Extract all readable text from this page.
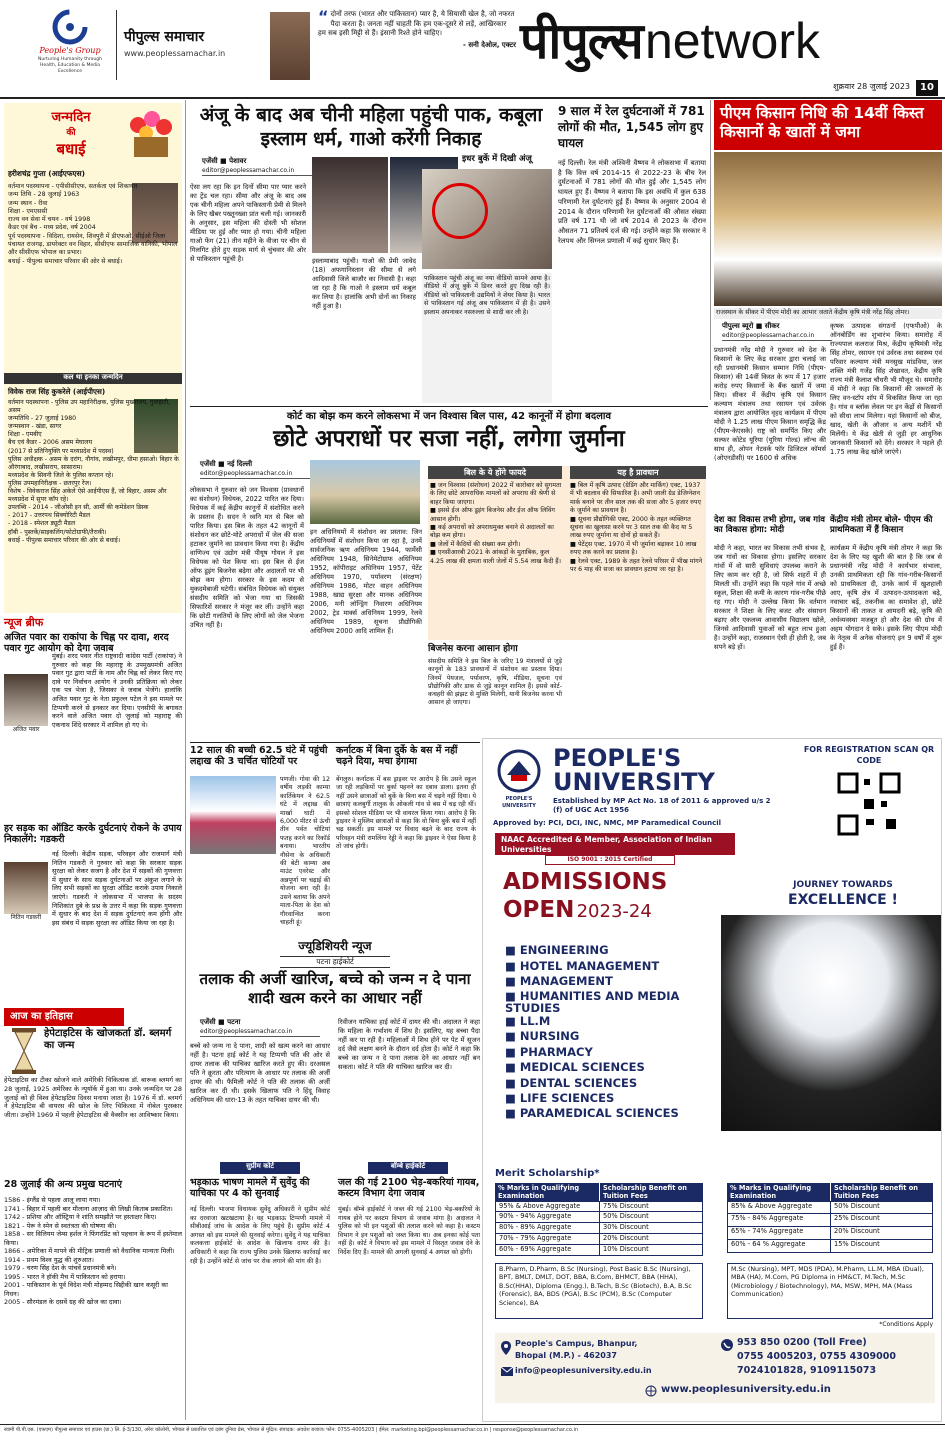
People's Group
Nurturing Humanity through Health, Education & Media Excellence
पीपुल्स समाचार
www.peoplessamachar.in
“ दोनों तरफ (भारत और पाकिस्तान) प्यार है, ये सियासी खेल है, जो नफरत पैदा करता है। जनता नहीं चाहती कि हम एक-दूसरे से लड़ें, आखिरकार हम सब इसी मिट्टी से हैं। इंसानी रिश्ते होने चाहिए।
- सनी देओल, एक्टर पीपुल्स network
शुक्रवार 28 जुलाई 2023	10
जन्मदिन
की
बधाई
हरीशचंद्र गुप्ता (आईएफएस)
वर्तमान पदस्थापना - एपीसीसीएफ, सतर्कता एवं शिकायत
जन्म तिथि - 28 जुलाई 1963
जन्म स्थान - रीवा
शिक्षा - एमएससी
राज्य वन सेवा में चयन - वर्ष 1998
कैडर एवं बैच - मध्य प्रदेश, वर्ष 2004
पूर्व पदस्थापना - विदिशा, रायसेन, शिवपुरी में डीएफओ, सीईओ जिला पंचायत राजगढ़, डायरेक्टर वन विहार, सीसीएफ सामाजिक वानिकी, भोपाल और सीसीएफ भोपाल का प्रभार।
बधाई - पीपुल्स समाचार परिवार की ओर से बधाई।
कल था इनका जन्मदिन
विवेक राज सिंह कुकरेले (आईपीएस)
वर्तमान पदस्थापना - पुलिस उप महानिरीक्षक, पुलिस मुख्यालय, गुवाहाटी, असम
जन्मतिथि - 27 जुलाई 1980
जन्मस्थान - खंडा, सागर
शिक्षा - एमबीए
बैच एवं कैडर - 2006 असम मेघालय
(2017 से प्रतिनियुक्ति पर मध्यप्रदेश में पदस्थ)
पुलिस अधीक्षक - असम के दरांग, नौगांव, लखीमपुर, धीमा हसाओ। बिहार के औरंगाबाद, लखीसराय, सासाराम।
मध्यप्रदेश के सिवनी जिले के पुलिस कप्तान रहे।
पुलिस उपमहानिरीक्षक - छतरपुर रेंज।
विशेष - विवेकराज सिंह अकेले ऐसे आईपीएस हैं, जो बिहार, असम और मध्यप्रदेश में सुपर कॉप रहे।
उपलब्धि - 2014 - जीओसी इन सी, आर्मी की कमेडेशन डिस्क
- 2017 - उत्तरपथ सिक्योरिटी मैडल
- 2018 - स्पेशल ड्यूटी मैडल
हॉबी - पुस्तकें/साइकलिंग/फोटोग्राफी/तैराकी।
बधाई - पीपुल्स समाचार परिवार की ओर से बधाई।
न्यूज ब्रीफ
अजित पवार का राकांपा के चिह्न पर दावा, शरद पवार गुट आयोग को देगा जवाब
अजित पवार
मुंबई। शरद पवार नीत राष्ट्रवादी कांग्रेस पार्टी (राकांपा) ने गुरुवार को कहा कि महाराष्ट्र के उपमुख्यमंत्री अजित पवार गुट द्वारा पार्टी के नाम और चिह्न को लेकर किए गए दावे पर निर्वाचन आयोग ने उनकी प्रतिक्रिया को लेकर एक पत्र भेजा है, जिसका वे जवाब भेजेंगे। हालांकि अजित पवार गुट के नेता प्रफुल्ल पटेल ने इस मामले पर टिप्पणी करने से इनकार कर दिया। एनसीपी के बगावत करने वाले अजित पवार दो जुलाई को महाराष्ट्र की एकनाथ शिंदे सरकार में शामिल हो गए थे।
हर सड़क का ऑडिट करके दुर्घटनाएं रोकने के उपाय निकालेंगे: गडकरी
नितिन गडकरी
नई दिल्ली। केंद्रीय सड़क, परिवहन और राजमार्ग मंत्री नितिन गडकरी ने गुरुवार को कहा कि सरकार सड़क सुरक्षा को लेकर सजग है और देश में सड़कों की गुणवत्ता में सुधार के साथ सड़क दुर्घटनाओं पर अंकुश लगाने के लिए सभी सड़कों का सुरक्षा ऑडिट कराके उपाय निकाले जाएंगे। गडकरी ने लोकसभा में भाजपा के सदस्य निशिकांत दुबे के प्रश्न के उत्तर में कहा कि सड़क गुणवत्ता में सुधार के बाद देश में सड़क दुर्घटनाएं कम होंगी और इस संबंध में सड़क सुरक्षा का ऑडिट किया जा रहा है।
आज का इतिहास
हेपेटाइटिस के खोजकर्ता डॉ. ब्लमर्ग का जन्म
हेपेटाइटिस का टीका खोजने वाले अमेरिकी चिकित्सक डॉ. बारूक ब्लमर्ग का 28 जुलाई, 1925 अमेरिका के न्यूयॉर्क में हुआ था। उनके जन्मदिन पर 28 जुलाई को ही विश्व हेपेटाइटिस दिवस मनाया जाता है। 1976 में डॉ. ब्लमर्ग ने हेपेटाइटिस बी वायरस की खोज के लिए चिकित्सा में नोबेल पुरस्कार जीता। उन्होंने 1969 में पहली हेपेटाइटिस बी वैक्सीन का आविष्कार किया।
28 जुलाई की अन्य प्रमुख घटनाएं
1586 - इंग्लैंड से पहला आलू लाया गया।
1741 - बिहार में पहली बार मौलाना आज़ाद की लिखी किताब प्रकाशित।
1742 - प्रशिया और ऑस्ट्रिया ने शांति समझौते पर हस्ताक्षर किए।
1821 - पेरू ने स्पेन से स्वतंत्रता की घोषणा की।
1858 - सर विलियम जेम्स हर्शल ने फिंगरप्रिंट को पहचान के रूप में इस्तेमाल किया।
1866 - अमेरिका में मापने की मीट्रिक प्रणाली को वैधानिक मान्यता मिली।
1914 - प्रथम विश्व युद्ध की शुरुआत।
1979 - चरण सिंह देश के पांचवें प्रधानमंत्री बने।
1995 - भारत ने हॉकी मैच में पाकिस्तान को हराया।
2001 - पाकिस्तान के पूर्व विदेश मंत्री मोहम्मद सिद्दीकी खान कसूरी का निधन।
2005 - सौरमंडल के दसवें ग्रह की खोज का दावा।
अंजू के बाद अब चीनी महिला पहुंची पाक, कबूला इस्लाम धर्म, गाओ करेंगी निकाह
एजेंसी ■ पेशावर
editor@peoplessamachar.co.in
ऐसा लग रहा कि इन दिनों सीमा पार प्यार करने का ट्रेंड चल रहा। सीमा और अंजू के बाद अब एक चीनी महिला अपने पाकिस्तानी प्रेमी से मिलने के लिए खैबर पख्तूनख्वा प्रांत चली गई। जानकारी के अनुसार, इस महिला की दोस्ती भी सोशल मीडिया पर हुई और प्यार हो गया। चीनी महिला गाओ फेंग (21) तीन महीने के वीजा पर चीन से गिलगिट होते हुए सड़क मार्ग से चुंचवार की ओर से पाकिस्तान पहुंची है।	इस्लामाबाद पहुंची। गाओ की प्रेमी जावेद (18) अफगानिस्तान की सीमा से लगे आदिवासी जिले बाजौर का निवासी है। कहा जा रहा है कि गाओ ने इस्लाम धर्म कबूल कर लिया है। हालांकि अभी दोनों का निकाह नहीं हुआ है।
इधर बुर्के में दिखी अंजू
पाकिस्तान पहुंची अंजू का नया वीडियो सामने आया है। वीडियो में अंजू बुर्के में डिनर करते हुए दिख रही है। वीडियो को पाकिस्तानी उद्यमियों ने शेयर किया है। भारत से पाकिस्तान गई अंजू अब पाकिस्तान में ही है। उसने इस्लाम अपनाकर नसरुल्ला से शादी कर ली है।
9 साल में रेल दुर्घटनाओं में 781 लोगों की मौत, 1,545 लोग हुए घायल
नई दिल्ली। रेल मंत्री अश्विनी वैष्णव ने लोकसभा में बताया है कि वित्त वर्ष 2014-15 से 2022-23 के बीच रेल दुर्घटनाओं में 781 लोगों की मौत हुई और 1,545 लोग घायल हुए हैं। वैष्णव ने बताया कि इस अवधि में कुल 638 परिणामी रेल दुर्घटनाएं हुई हैं। वैष्णव के अनुसार 2004 से 2014 के दौरान परिणामी रेल दुर्घटनाओं की औसत संख्या प्रति वर्ष 171 थी जो वर्ष 2014 से 2023 के दौरान औसतन 71 प्रतिवर्ष दर्ज की गई। उन्होंने कहा कि सरकार ने रेलपथ और सिग्नल प्रणाली में कई सुधार किए हैं।
पीएम किसान निधि की 14वीं किस्त किसानों के खातों में जमा
राजस्थान के सीकर में पीएम मोदी का आभार जताते केंद्रीय कृषि मंत्री नरेंद्र सिंह तोमर।
पीपुल्स ब्यूरो ■ सीकर
editor@peoplessamachar.co.in
प्रधानमंत्री नरेंद्र मोदी ने गुरुवार को देश के किसानों के लिए केंद्र सरकार द्वारा चलाई जा रही प्रधानमंत्री किसान सम्मान निधि (पीएम-किसान) की 14वीं किस्त के रूप में 17 हजार करोड़ रुपए किसानों के बैंक खातों में जमा किए। सीकर में केंद्रीय कृषि एवं किसान कल्याण मंत्रालय तथा रसायन एवं उर्वरक मंत्रालय द्वारा आयोजित वृहद कार्यक्रम में पीएम मोदी ने 1.25 लाख पीएम किसान समृद्धि केंद्र (पीएम-केएसके) राष्ट्र को समर्पित किए और सल्फर कोटेड यूरिया (यूरिया गोल्ड) लॉन्च की साथ ही, ओपन नेटवर्क फॉर डिजिटल कॉमर्स (ओएनडीसी) पर 1600 से अधिक
कृषक उत्पादक संगठनों (एफपीओ) के ऑनबोर्डिंग का शुभारंभ किया। समारोह में राज्यपाल कलराज मिश्र, केंद्रीय कृषिमंत्री नरेंद्र सिंह तोमर, रसायन एवं उर्वरक तथा स्वास्थ्य एवं परिवार कल्याण मंत्री मनसुख मांडविया, जल शक्ति मंत्री गजेंद्र सिंह शेखावत, केंद्रीय कृषि राज्य मंत्री कैलाश चौधरी भी मौजूद थे। समारोह में मोदी ने कहा कि किसानों की जरूरतों के लिए वन-स्टॉप शॉप में विकसित किया जा रहा है। गांव व ब्लॉक लेवल पर इन केंद्रों से किसानों को सीधा लाभ मिलेगा। यहां किसानों को बीज, खाद, खेती के औजार व अन्य मशीनें भी मिलेंगी। ये केंद्र खेती से जुड़ी हर आधुनिक जानकारी किसानों को देंगे। सरकार ने पहले ही 1.75 लाख केंद्र खोले जाएंगे।
देश का विकास तभी होगा, जब गांव का विकास होगा: मोदी
मोदी ने कहा, भारत का विकास तभी संभव है, जब गांवों का विकास होगा। इसलिए सरकार गांवों में वो सारी सुविधाएं उपलब्ध कराने के लिए काम कर रही है, जो सिर्फ शहरों में ही मिलती थीं। उन्होंने कहा कि पहले गांव में अच्छे स्कूल, शिक्षा की कमी के कारण गांव-गरीब पीछे रह गए। मोदी ने उल्लेख किया कि वर्तमान सरकार ने शिक्षा के लिए बजट और संसाधन बढ़ाए और एकलव्य आवासीय विद्यालय खोले, जिनसे आदिवासी युवाओं को बहुत लाभ हुआ है। उन्होंने कहा, राजस्थान ऐसी ही होती है, जब सपने बड़े हों।
केंद्रीय मंत्री तोमर बोले- पीएम की प्राथमिकता में हैं किसान
कार्यक्रम में केंद्रीय कृषि मंत्री तोमर ने कहा कि देश के लिए यह खुशी की बात है कि जब से प्रधानमंत्री नरेंद्र मोदी ने कार्यभार संभाला, उनकी प्राथमिकता रही कि गांव-गरीब-किसानों को प्राथमिकता दी, उनके कार्य में खुशहाली आए, कृषि क्षेत्र में उत्पादन-उत्पादकता बढ़े, नवाचार बढ़ें, तकनीक का समावेश हो, छोटे किसानों की ताकत व आमदनी बढ़े, कृषि की अर्थव्यवस्था मजबूत हो और देश की ग्रोथ में अहम योगदान दे सके। इसके लिए पीएम मोदी के नेतृत्व में अनेक योजनाएं इन 9 वर्षों में शुरू हुई हैं।
कोर्ट का बोझ कम करने लोकसभा में जन विश्वास बिल पास, 42 कानूनों में होगा बदलाव
छोटे अपराधों पर सजा नहीं, लगेगा जुर्माना
एजेंसी ■ नई दिल्ली
editor@peoplessamachar.co.in
लोकसभा ने गुरुवार को जन विश्वास (प्रावधानों का संशोधन) विधेयक, 2022 पारित कर दिया। विधेयक में कई केंद्रीय कानूनों में संशोधित करने के प्रस्ताव हैं। सदन ने ध्वनि मत से बिल को पारित किया। इस बिल के तहत 42 कानूनों में संशोधन कर छोटे-मोटे अपराधों में जेल की सजा हटाकर जुर्माने का प्रावधान किया गया है। केंद्रीय वाणिज्य एवं उद्योग मंत्री पीयूष गोयल ने इस विधेयक को पेश किया था। इस बिल से ईज ऑफ डूइंग बिजनेस बढ़ेगा और अदालतों पर भी बोझ कम होगा। सरकार के इस कदम से मुकदमेबाजी घटेगी। संबंधित विधेयक को संयुक्त संसदीय समिति को भेजा गया था जिसकी सिफारिशें सरकार ने मंजूर कर लीं। उन्होंने कहा कि छोटी गलतियों के लिए लोगों को जेल भेजना उचित नहीं है।
इन अधिनियमों में संशोधन का प्रस्ताव: जिन अधिनियमों में संशोधन किया जा रहा है, उनमें सार्वजनिक ऋण अधिनियम 1944, फार्मेसी अधिनियम 1948, सिनेमेटोग्राफ अधिनियम 1952, कॉपीराइट अधिनियम 1957, पेटेंट अधिनियम 1970, पर्यावरण (संरक्षण) अधिनियम 1986, मोटर वाहन अधिनियम 1988, खाद्य सुरक्षा और मानक अधिनियम 2006, मनी लॉन्ड्रिंग निवारण अधिनियम 2002, ट्रेड मार्क्स अधिनियम 1999, रेलवे अधिनियम 1989, सूचना प्रौद्योगिकी अधिनियम 2000 आदि शामिल हैं।
बिल के ये होंगे फायदे
■ जन विश्वास (संशोधन) 2022 में कारोबार को सुगमता के लिए छोटे आपराधिक मामलों को अपराध की श्रेणी से बाहर किया जाएगा।
■ इससे ईज ऑफ डूइंग बिजनेस और ईज ऑफ लिविंग आसान होगी।
■ कई अपराधों को अपराधमुक्त बनाने से अदालतों का बोझ कम होगा।
■ जेलों में कैदियों की संख्या कम होगी।
■ एनसीआरबी 2021 के आंकड़ों के मुताबिक, कुल 4.25 लाख की क्षमता वाली जेलों में 5.54 लाख कैदी हैं।
यह है प्रावधान
■ बिल में कृषि उत्पाद (ग्रेडिंग और मार्किंग) एक्ट, 1937 में भी बदलाव की सिफारिश है। अभी जाली ग्रेड डेजिग्नेशन मार्क बनाने पर तीन साल तक की सजा और 5 हजार रुपए के जुर्माने का प्रावधान है।
■ सूचना प्रौद्योगिकी एक्ट, 2000 के तहत व्यक्तिगत सूचना का खुलासा करने पर 3 साल तक की कैद या 5 लाख रुपए जुर्माना या दोनों हो सकते हैं।
■ पेटेंट्स एक्ट, 1970 में भी जुर्माना बढ़ाकर 10 लाख रुपए तक करने का प्रस्ताव है।
■ रेलवे एक्ट, 1989 के तहत रेलवे परिसर में भीख मांगने पर 6 माह की सजा का प्रावधान हटाया जा रहा है।
बिजनेस करना आसान होगा
संसदीय समिति ने इस बिल के जरिए 19 मंत्रालयों से जुड़े कानूनों के 183 प्रावधानों में संशोधन का प्रस्ताव दिया। जिनमें पेयजल, पर्यावरण, कृषि, मीडिया, सूचना एवं प्रौद्योगिकी और डाक से जुड़े कानून शामिल हैं। इससे कोर्ट-कचहरी की झंझट से मुक्ति मिलेगी, यानी बिजनेस करना भी आसान हो जाएगा।
12 साल की बच्ची 62.5 घंटे में पहुंची लद्दाख की 3 चर्चित चोटियों पर
पणजी। गोवा की 12 वर्षीय लड़की काम्या कार्तिकेयन ने 62.5 घंटे में लद्दाख की मार्खा घाटी में 6,000 मीटर से ऊंची तीन पर्वत चोटियां फतह करने का रिकॉर्ड बनाया। भारतीय नौसेना के अधिकारी की बेटी काम्या अब माउंट एवरेस्ट और अन्नपूर्णा पर चढ़ाई की योजना बना रही है। उसने बताया कि अपने माता-पिता के देश को गौरवान्वित करना चाहती हूं।
कर्नाटक में बिना दुर्के के बस में नहीं चढ़ने दिया, मचा हंगामा
बेंगलुरु। कर्नाटक में बस ड्राइवर पर आरोप है कि उसने स्कूल जा रही लड़कियों पर बुर्का पहनने का दबाव डाला। इतना ही नहीं उसने छात्राओं को बुर्के के बिना बस में चढ़ने नहीं दिया। ये छात्राएं कलबुर्गी तालुक के ओकली गांव से बस में चढ़ रही थीं। इसको सोशल मीडिया पर भी वायरल किया गया। आरोप है कि ड्राइवर ने मुस्लिम छात्राओं से कहा कि वो बिना बुर्के बस में नहीं चढ़ सकतीं। इस मामले पर विवाद बढ़ने के बाद राज्य के परिवहन मंत्री रामलिंगा रेड्डी ने कहा कि ड्राइवर ने ऐसा किया है तो जांच होगी।
ज्यूडिशियरी न्यूज
पटना हाईकोर्ट
तलाक की अर्जी खारिज, बच्चे को जन्म न दे पाना शादी खत्म करने का आधार नहीं
एजेंसी ■ पटना
editor@peoplessamachar.co.in
बच्चे को जन्म ना दे पाना, शादी को खत्म करने का आधार नहीं है। पटना हाई कोर्ट ने यह टिप्पणी पति की ओर से दायर तलाक की याचिका खारिज करते हुए की। दरअसल पति ने क्रूरता और परित्याग के आधार पर तलाक की अर्जी दायर की थी। फैमिली कोर्ट ने पति की तलाक की अर्जी खारिज कर दी थी। इसके खिलाफ पति ने हिंदू विवाह अधिनियम की धारा-13 के तहत याचिका दायर की थी।
रिवीजन याचिका हाई कोर्ट में दायर की थी। अदालत ने कहा कि महिला के गर्भाशय में शिथ है। इसलिए, यह बच्चा पैदा नहीं कर पा रही है। महिलाओं में शिथ होने पर पेट में सूजन दर्द जैसे लक्षण बनने के दौरान दर्द होता है। कोर्ट ने कहा कि बच्चे का जन्म न दे पाना तलाक देने का आधार नहीं बन सकता। कोर्ट ने पति की याचिका खारिज कर दी।
सुप्रीम कोर्ट
भड़काऊ भाषण मामले में सुवेंदु की याचिका पर 4 को सुनवाई
नई दिल्ली। भाजपा विधायक सुवेंदु अधिकारी ने सुप्रीम कोर्ट का दरवाजा खटखटाया है। वह भड़काऊ टिप्पणी मामले में सीबीआई जांच के आदेश के लिए पहुंचे हैं। सुप्रीम कोर्ट 4 अगस्त को इस मामले की सुनवाई करेगा। सुवेंदु ने यह याचिका कलकत्ता हाईकोर्ट के आदेश के खिलाफ दायर की है। अधिकारी ने कहा कि राज्य पुलिस उनके खिलाफ कार्रवाई कर रही है। उन्होंने कोर्ट से जांच पर रोक लगाने की मांग की है।
बॉम्बे हाईकोर्ट
जल की गई 2100 भेड़-बकरियां गायब, कस्टम विभाग देगा जवाब
मुंबई। बॉम्बे हाईकोर्ट ने जब्त की गई 2100 भेड़-बकरियों के गायब होने पर कस्टम विभाग से जवाब मांगा है। अदालत ने पुलिस को भी इन पशुओं की तलाश करने को कहा है। कस्टम विभाग ने इन पशुओं को जब्त किया था। अब इनका कोई पता नहीं है। कोर्ट ने विभाग को इस मामले में विस्तृत जवाब देने के निर्देश दिए हैं। मामले की अगली सुनवाई 4 अगस्त को होगी।
PEOPLE'S UNIVERSITY
PEOPLE'S
UNIVERSITY
Established by MP Act No. 18 of 2011 & approved u/s 2 (f) of UGC Act 1956
Approved by: PCI, DCI, INC, NMC, MP Paramedical Council
NAAC Accredited & Member, Association of Indian Universities
ISO 9001 : 2015 Certified
FOR REGISTRATION SCAN QR CODE
ADMISSIONS
OPEN 2023-24
JOURNEY TOWARDS
EXCELLENCE !
■ ENGINEERING
■ HOTEL MANAGEMENT
■ MANAGEMENT
■ HUMANITIES AND MEDIA STUDIES
■ LL.M
■ NURSING
■ PHARMACY
■ MEDICAL SCIENCES
■ DENTAL SCIENCES
■ LIFE SCIENCES
■ PARAMEDICAL SCIENCES
Merit Scholarship*
% Marks in Qualifying Examination
Scholarship Benefit on Tuition Fees
95% & Above Aggregate	75% Discount
90% - 94% Aggregate	50% Discount
80% - 89% Aggregate	30% Discount
70% - 79% Aggregate	20% Discount
60% - 69% Aggregate	10% Discount
B.Pharm, D.Pharm, B.Sc (Nursing), Post Basic B.Sc (Nursing), BPT, BMLT, DMLT, DOT, BBA, B.Com, BHMCT, BBA (HHA), B.Sc(HHA), Diploma (Engg.), B.Tech, B.Sc (Biotech), B.A, B.Sc (Forensic), BA, BDS (PGA), B.Sc (PCM), B.Sc (Computer Science), BA
% Marks in Qualifying Examination
Scholarship Benefit on Tuition Fees
85% & Above Aggregate	50% Discount
75% - 84% Aggregate	25% Discount
65% - 74% Aggregate	20% Discount
60% - 64 % Aggregate	15% Discount
M.Sc (Nursing), MPT, MDS (PDA), M.Pharm, LL.M, MBA (Dual), MBA (HA), M.Com, PG Diploma in HM&CT, M.Tech, M.Sc (Microbiology / Biotechnology), MA, MSW, MPH, MA (Mass Communication)
*Conditions Apply
People's Campus, Bhanpur,
Bhopal (M.P.) - 462037
info@peoplesuniversity.edu.in
953 850 0200 (Toll Free)
0755 4005203, 0755 4309000
7024101828, 9109115073
www.peoplesuniversity.edu.in
स्वामी पी.पी.एस. (एफएम) पीपुल्स समाचार एवं हाउस (प्रा.) लि. ई-3/130, अरेरा कॉलोनी, भोपाल से प्रकाशित एवं दबंग दुनिया प्रेस, भोपाल से मुद्रित। संपादक: अवधेश बजाज। फोन: 0755-4005203 | ईमेल: marketing.bpl@peoplessamachar.co.in | response@peoplessamachar.co.in
